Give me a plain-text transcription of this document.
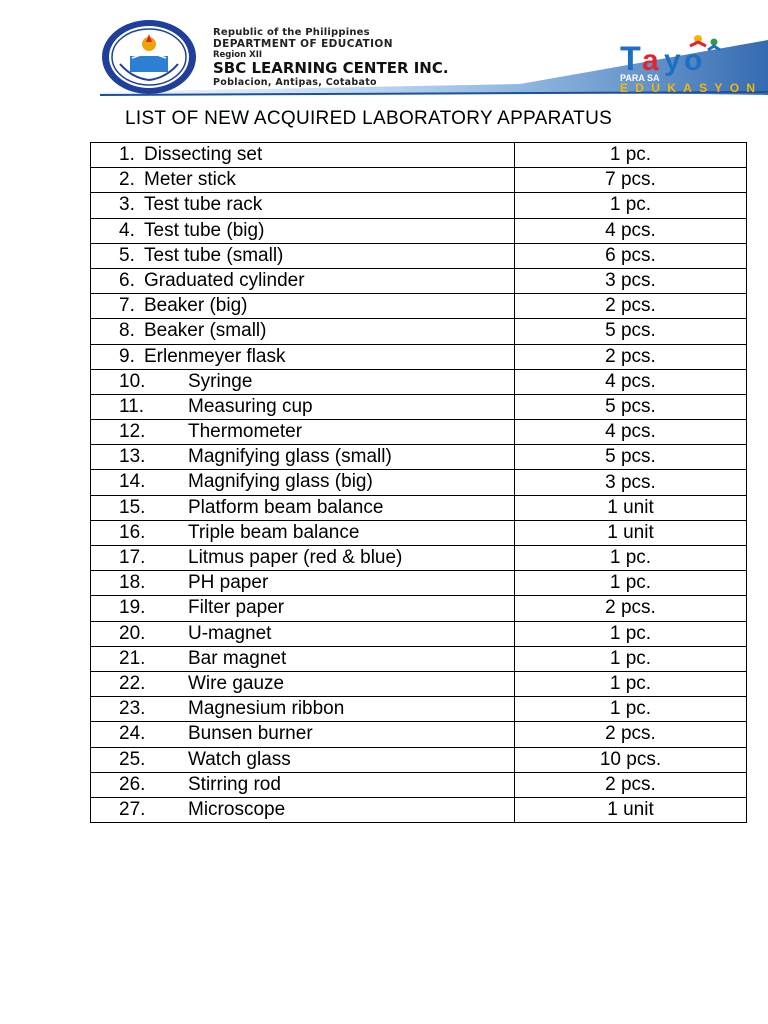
Republic of the Philippines
DEPARTMENT OF EDUCATION
Region XII
SBC LEARNING CENTER INC.
Poblacion, Antipas, Cotabato
T a y o
PARA SA
EDUKASYON
LIST OF NEW ACQUIRED LABORATORY APPARATUS
1. Dissecting set	1 pc.

2. Meter stick	7 pcs.

3. Test tube rack	1 pc.

4. Test tube (big)	4 pcs.

5. Test tube (small)	6 pcs.

6. Graduated cylinder	3 pcs.

7. Beaker (big)	2 pcs.

8. Beaker (small)	5 pcs.

9. Erlenmeyer flask	2 pcs.

10. Syringe	4 pcs.

11. Measuring cup	5 pcs.

12. Thermometer	4 pcs.

13. Magnifying glass (small)	5 pcs.

14. Magnifying glass (big)	3 pcs.

15. Platform beam balance	1 unit

16. Triple beam balance	1 unit

17. Litmus paper (red & blue)	1 pc.

18. PH paper	1 pc.

19. Filter paper	2 pcs.

20. U-magnet	1 pc.

21. Bar magnet	1 pc.

22. Wire gauze	1 pc.

23. Magnesium ribbon	1 pc.

24. Bunsen burner	2 pcs.

25. Watch glass	10 pcs.

26. Stirring rod	2 pcs.

27. Microscope	1 unit
